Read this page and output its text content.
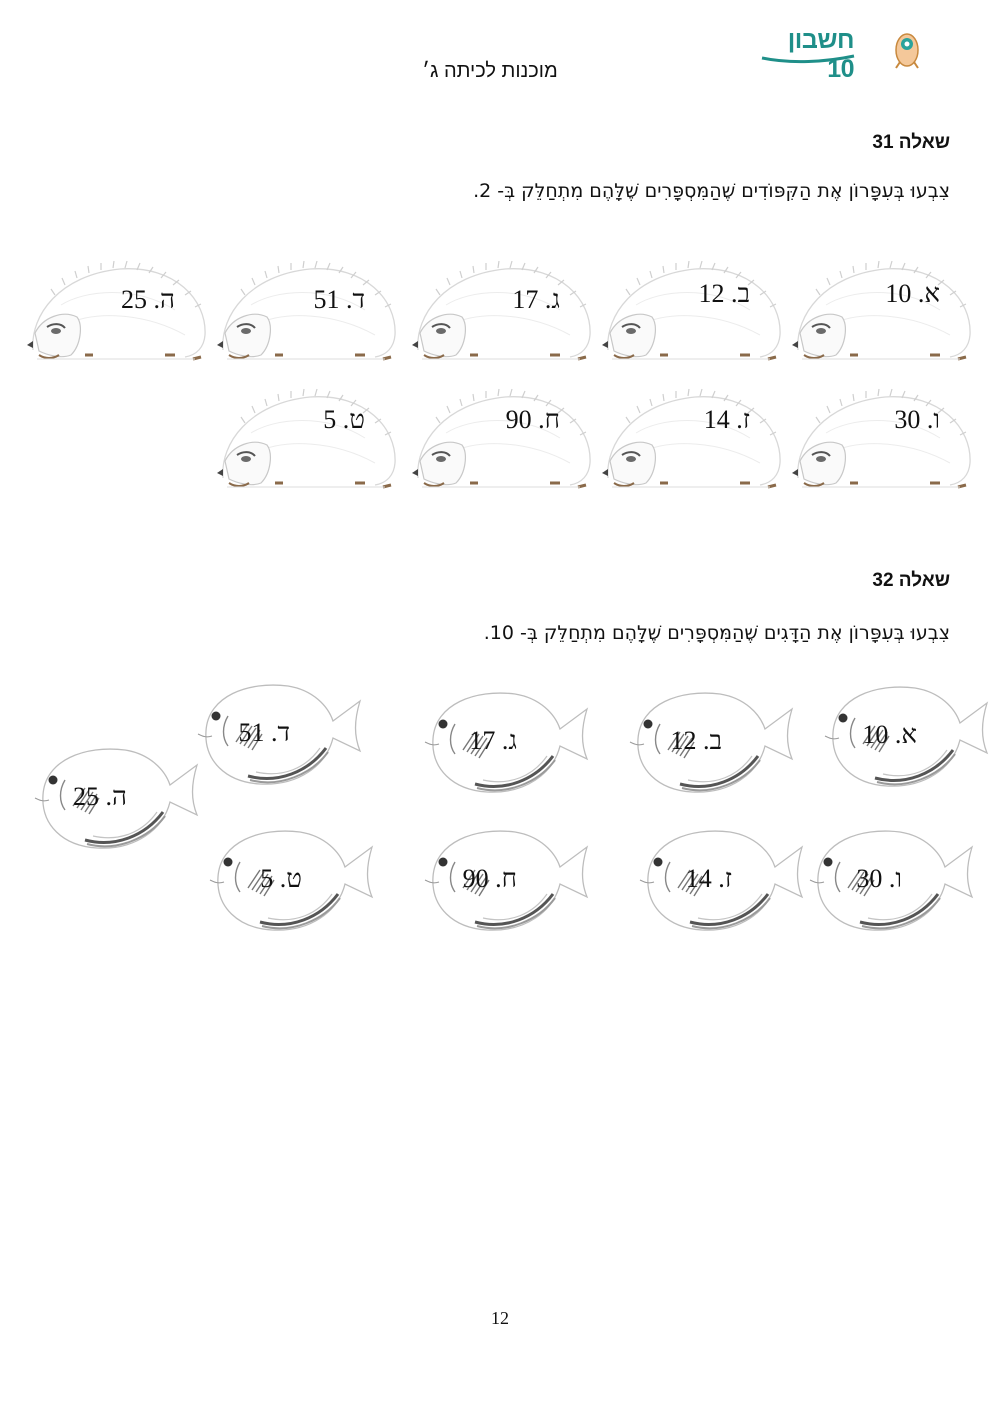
חשבון 10
מוכנות לכיתה ג׳
שאלה 31
צִבְעוּ בְּעִפָּרוֹן אֶת הַקִּפּוֹדִים שֶׁהַמִּסְפָּרִים שֶׁלָּהֶם מִתְחַלֵּק בְּ- 2.
א. 10
ב. 12
ג. 17
ד. 51
ה. 25
ו. 30
ז. 14
ח. 90
ט. 5
שאלה 32
צִבְעוּ בְּעִפָּרוֹן אֶת הַדָּגִים שֶׁהַמִּסְפָּרִים שֶׁלָּהֶם מִתְחַלֵּק בְּ- 10.
א. 10
ב. 12
ג. 17
ד. 51
ה. 25
ו. 30
ז. 14
ח. 90
ט. 5
12
